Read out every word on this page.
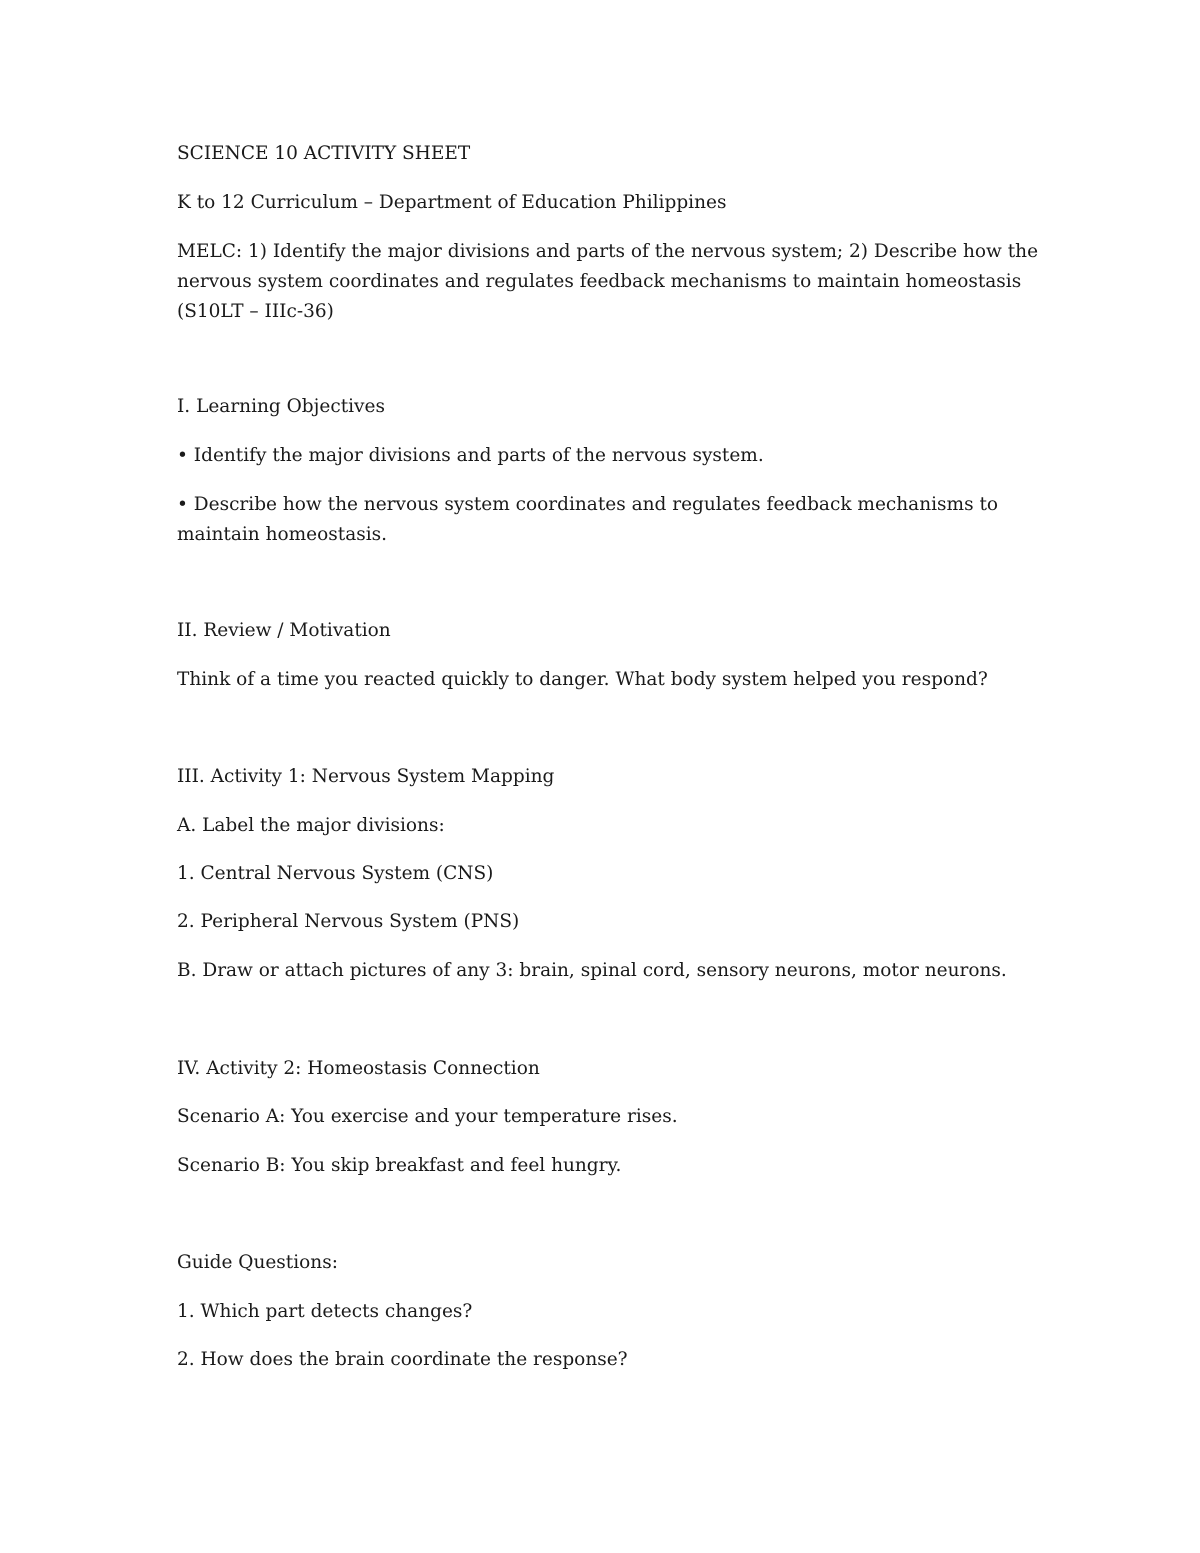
SCIENCE 10 ACTIVITY SHEET
K to 12 Curriculum – Department of Education Philippines
MELC: 1) Identify the major divisions and parts of the nervous system; 2) Describe how the
nervous system coordinates and regulates feedback mechanisms to maintain homeostasis
(S10LT – IIIc-36)
I. Learning Objectives
• Identify the major divisions and parts of the nervous system.
• Describe how the nervous system coordinates and regulates feedback mechanisms to
maintain homeostasis.
II. Review / Motivation
Think of a time you reacted quickly to danger. What body system helped you respond?
III. Activity 1: Nervous System Mapping
A. Label the major divisions:
1. Central Nervous System (CNS)
2. Peripheral Nervous System (PNS)
B. Draw or attach pictures of any 3: brain, spinal cord, sensory neurons, motor neurons.
IV. Activity 2: Homeostasis Connection
Scenario A: You exercise and your temperature rises.
Scenario B: You skip breakfast and feel hungry.
Guide Questions:
1. Which part detects changes?
2. How does the brain coordinate the response?
